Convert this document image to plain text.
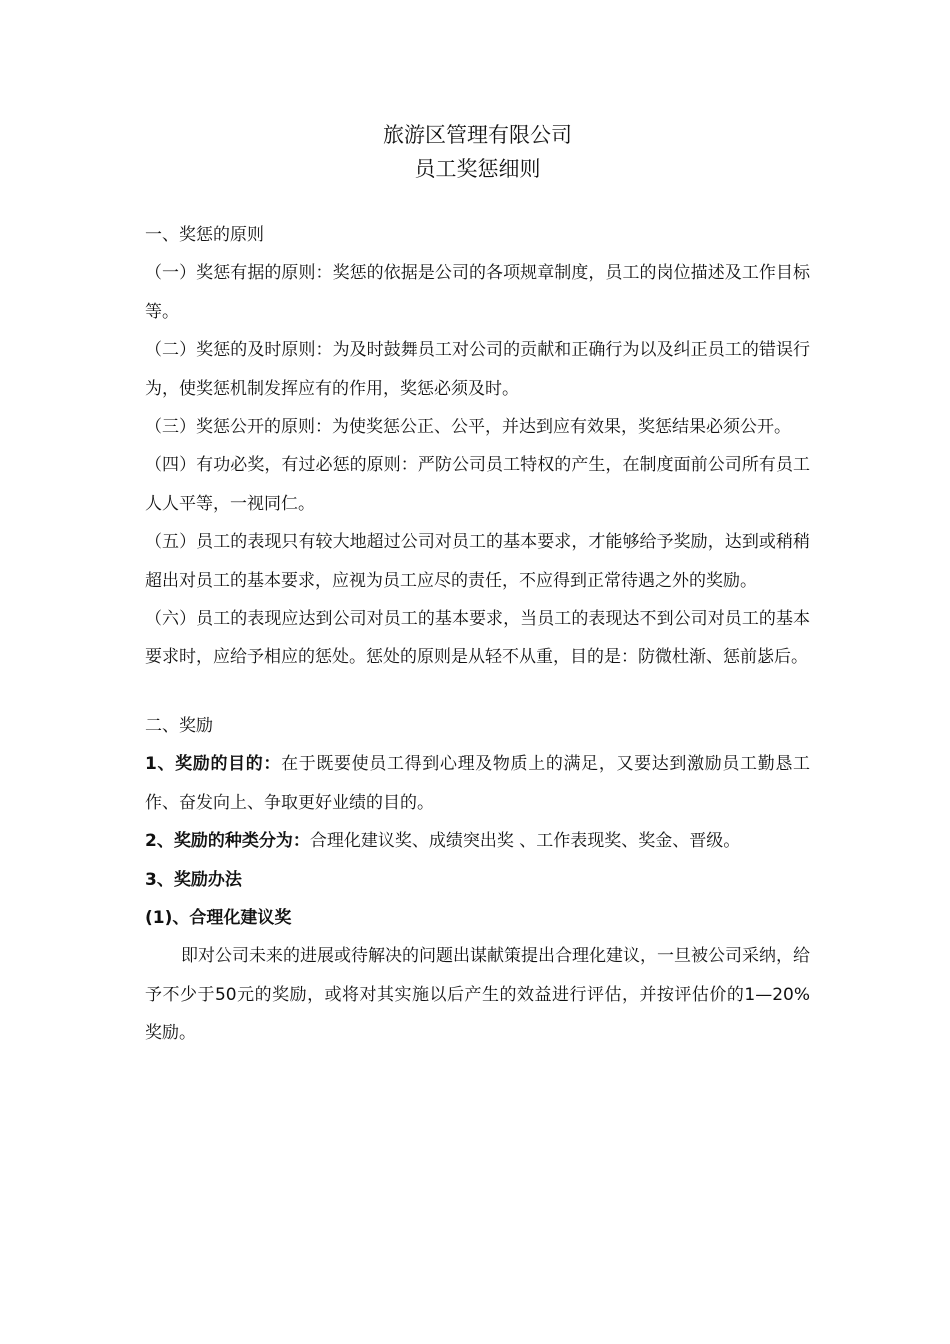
旅游区管理有限公司
员工奖惩细则

一、奖惩的原则

（一）奖惩有据的原则：奖惩的依据是公司的各项规章制度，员工的岗位描述及工作目标等。

（二）奖惩的及时原则：为及时鼓舞员工对公司的贡献和正确行为以及纠正员工的错误行为，使奖惩机制发挥应有的作用，奖惩必须及时。

（三）奖惩公开的原则：为使奖惩公正、公平，并达到应有效果，奖惩结果必须公开。

（四）有功必奖，有过必惩的原则：严防公司员工特权的产生，在制度面前公司所有员工人人平等，一视同仁。

（五）员工的表现只有较大地超过公司对员工的基本要求，才能够给予奖励，达到或稍稍超出对员工的基本要求，应视为员工应尽的责任，不应得到正常待遇之外的奖励。

（六）员工的表现应达到公司对员工的基本要求，当员工的表现达不到公司对员工的基本要求时，应给予相应的惩处。惩处的原则是从轻不从重，目的是：防微杜渐、惩前毖后。

二、奖励

1、奖励的目的：在于既要使员工得到心理及物质上的满足，又要达到激励员工勤恳工作、奋发向上、争取更好业绩的目的。

2、奖励的种类分为：合理化建议奖、成绩突出奖 、工作表现奖、奖金、晋级。

3、奖励办法

(1)、合理化建议奖

即对公司未来的进展或待解决的问题出谋献策提出合理化建议，一旦被公司采纳，给予不少于50元的奖励，或将对其实施以后产生的效益进行评估，并按评估价的1—20%奖励。
